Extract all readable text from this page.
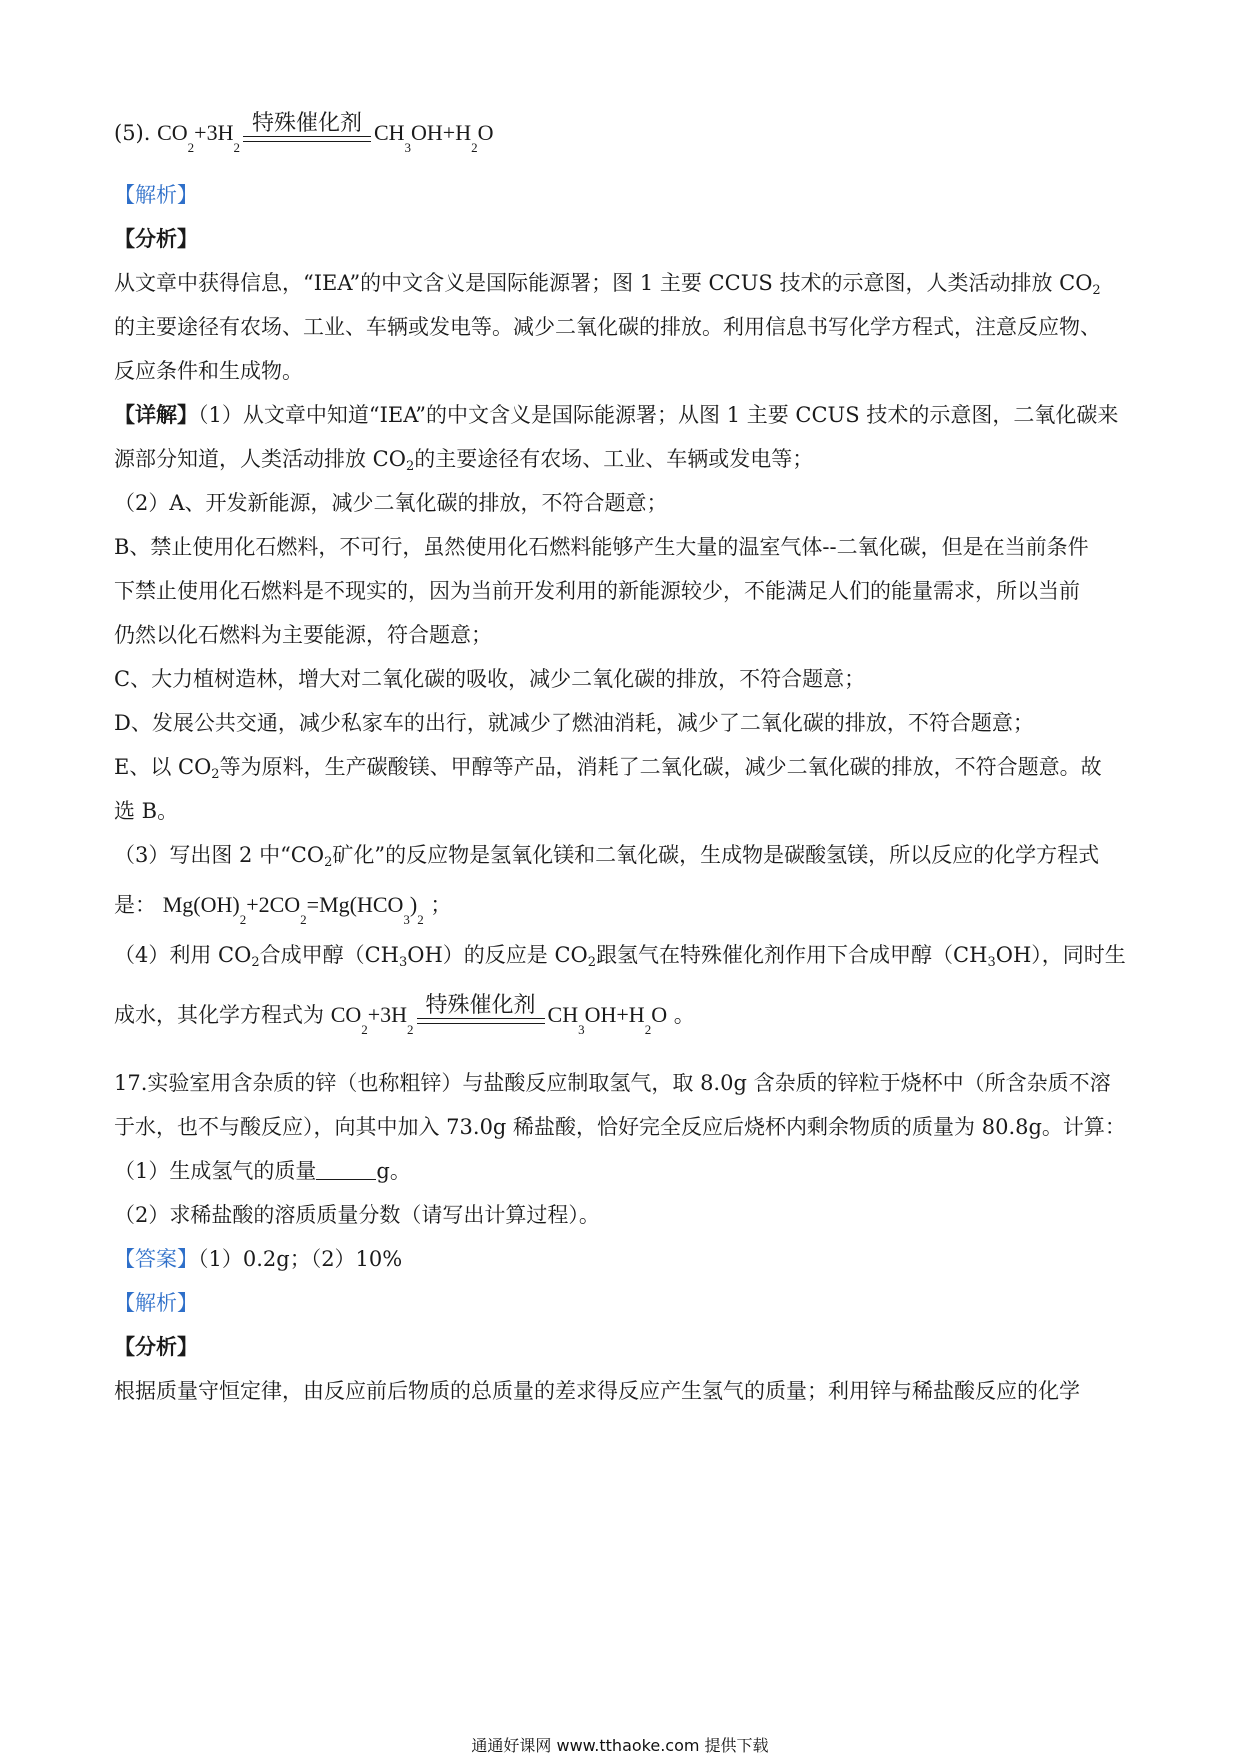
(5). CO
2
+3H
2
特殊催化剂 CH
3
OH+H
2
O
【解析】
【分析】
从文章中获得信息，“IEA”的中文含义是国际能源署；图 1 主要 CCUS 技术的示意图，人类活动排放 $CO_2$
的主要途径有农场、工业、车辆或发电等。减少二氧化碳的排放。利用信息书写化学方程式，注意反应物、
反应条件和生成物。
【详解】（1）从文章中知道“IEA”的中文含义是国际能源署；从图 1 主要 CCUS 技术的示意图，二氧化碳来
源部分知道，人类活动排放 $CO_2$的主要途径有农场、工业、车辆或发电等；
（2）A、开发新能源，减少二氧化碳的排放，不符合题意；
B、禁止使用化石燃料，不可行，虽然使用化石燃料能够产生大量的温室气体--二氧化碳，但是在当前条件
下禁止使用化石燃料是不现实的，因为当前开发利用的新能源较少，不能满足人们的能量需求，所以当前
仍然以化石燃料为主要能源，符合题意；
C、大力植树造林，增大对二氧化碳的吸收，减少二氧化碳的排放，不符合题意；
D、发展公共交通，减少私家车的出行，就减少了燃油消耗，减少了二氧化碳的排放，不符合题意；
E、以 $CO_2$等为原料，生产碳酸镁、甲醇等产品，消耗了二氧化碳，减少二氧化碳的排放，不符合题意。故
选 B。
（3）写出图 2 中“$CO_2$矿化”的反应物是氢氧化镁和二氧化碳，生成物是碳酸氢镁，所以反应的化学方程式
是： Mg(OH)
2
+2CO
2
=Mg(HCO
3
)
2
；
（4）利用 $CO_2$合成甲醇$(CH_3OH)$的反应是 $CO_2$跟氢气在特殊催化剂作用下合成甲醇$(CH_3OH)$，同时生
成水，其化学方程式为 CO
2
+3H
2
特殊催化剂 CH
3
OH+H
2
O 。
17.实验室用含杂质的锌（也称粗锌）与盐酸反应制取氢气，取 8.0g 含杂质的锌粒于烧杯中（所含杂质不溶
于水，也不与酸反应），向其中加入 73.0g 稀盐酸，恰好完全反应后烧杯内剩余物质的质量为 80.8g。计算：
（1）生成氢气的质量	g。
（2）求稀盐酸的溶质质量分数（请写出计算过程）。
【答案】（1）0.2g；（2）10%
【解析】
【分析】
根据质量守恒定律，由反应前后物质的总质量的差求得反应产生氢气的质量；利用锌与稀盐酸反应的化学
通通好课网 www.tthaoke.com 提供下载
